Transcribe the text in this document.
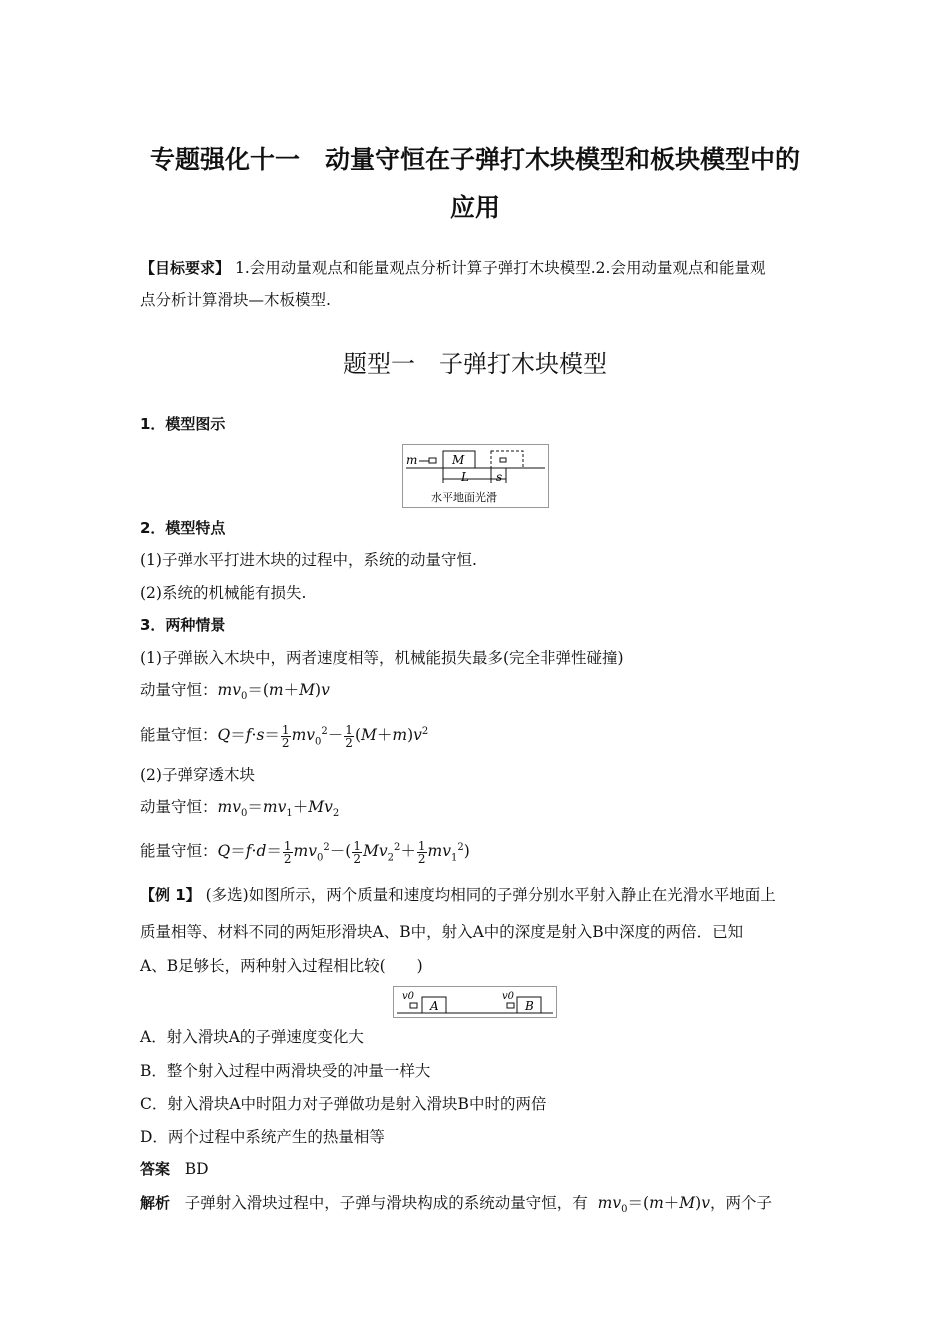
专题强化十一　动量守恒在子弹打木块模型和板块模型中的
应用
【目标要求】 1.会用动量观点和能量观点分析计算子弹打木块模型.2.会用动量观点和能量观
点分析计算滑块—木板模型.
题型一　子弹打木块模型
1．模型图示
m	M
L s
水平地面光滑
2．模型特点
(1)子弹水平打进木块的过程中，系统的动量守恒.
(2)系统的机械能有损失.
3．两种情景
(1)子弹嵌入木块中，两者速度相等，机械能损失最多(完全非弹性碰撞)
动量守恒：$mv_0=(m+M)v$
能量守恒：$Q=f\cdot s= \frac{1}{2} mv_0^2- \frac{1}{2} (M+m)v^2$
(2)子弹穿透木块
动量守恒：$mv_0=mv_1+Mv_2$
能量守恒：$Q=f\cdot d= \frac{1}{2} mv_0^2-( \frac{1}{2} Mv_2^2+ \frac{1}{2} mv_1^2)$
【例 1】 (多选)如图所示，两个质量和速度均相同的子弹分别水平射入静止在光滑水平地面上
质量相等、材料不同的两矩形滑块A、B中，射入A中的深度是射入B中深度的两倍．已知
A、B足够长，两种射入过程相比较(　　)
v0
A
v0
B
A．射入滑块A的子弹速度变化大
B．整个射入过程中两滑块受的冲量一样大
C．射入滑块A中时阻力对子弹做功是射入滑块B中时的两倍
D．两个过程中系统产生的热量相等
答案 BD
解析 子弹射入滑块过程中，子弹与滑块构成的系统动量守恒，有 $mv_0=(m+M)v$，两个子
